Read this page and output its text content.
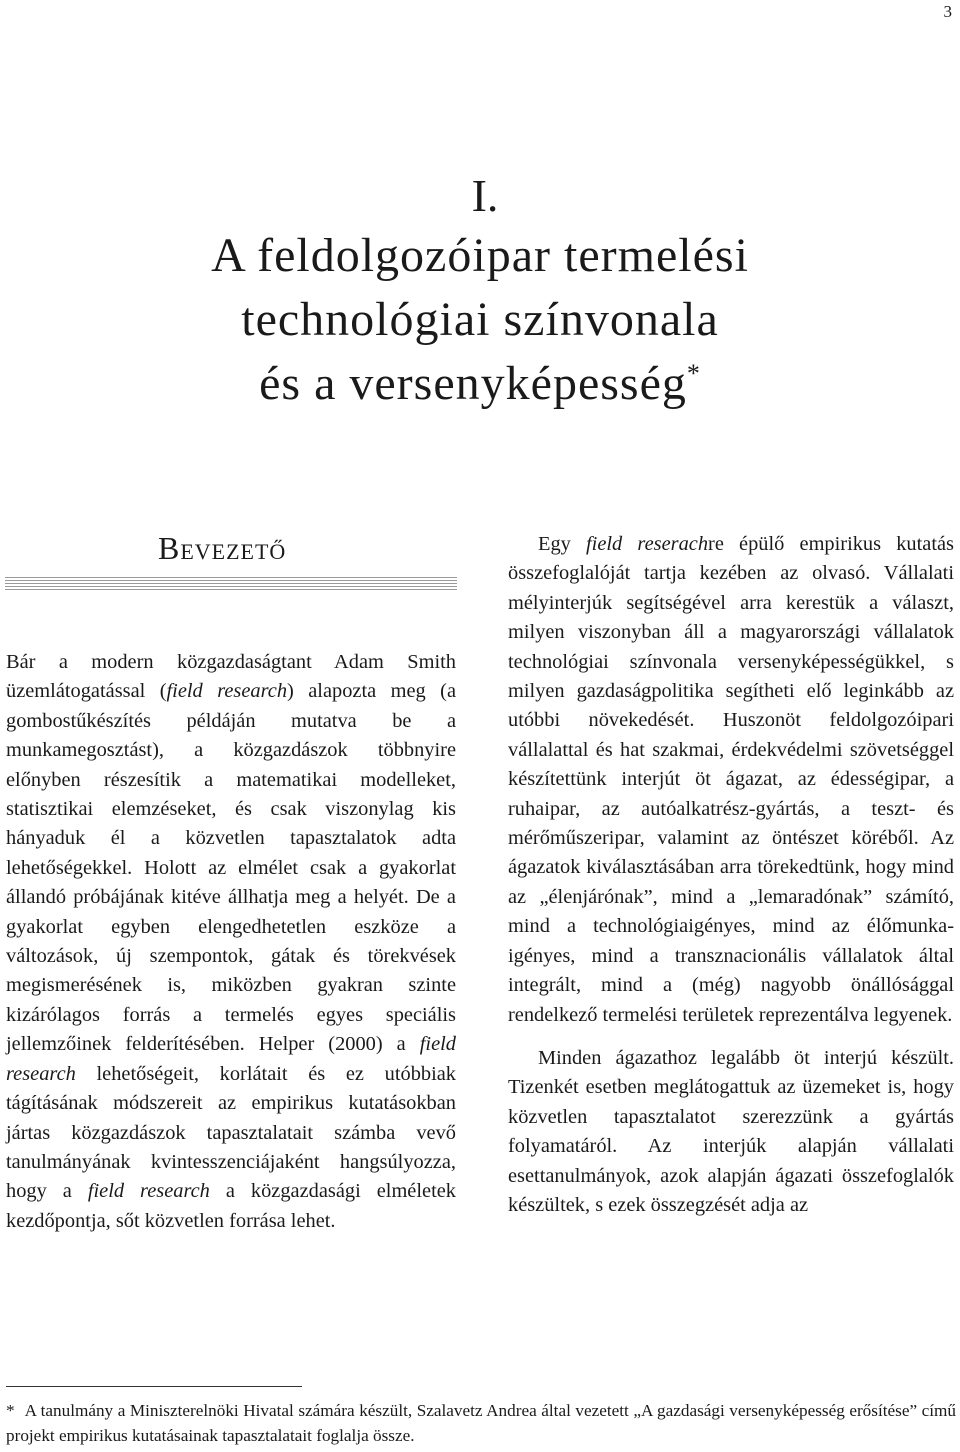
3
I.
A feldolgozóipar termelési
technológiai színvonala
és a versenyképesség*
Bevezető

Bár a modern közgazdaságtant Adam Smith üzemlátogatással (field research) alapozta meg (a gombostűkészítés példáján mutatva be a munkamegosztást), a közgazdászok többnyire előnyben részesítik a matematikai modelleket, statisztikai elemzéseket, és csak viszonylag kis hányaduk él a közvetlen tapasztalatok adta lehetőségekkel. Holott az elmélet csak a gyakorlat állandó próbájának kitéve állhatja meg a helyét. De a gyakorlat egyben elengedhetetlen eszköze a változások, új szempontok, gátak és törekvések megismerésének is, miközben gyakran szinte kizárólagos forrás a termelés egyes speciális jellemzőinek felderítésében. Helper (2000) a field research lehetőségeit, korlátait és ez utóbbiak tágításának módszereit az empirikus kutatásokban jártas közgazdászok tapasztalatait számba vevő tanulmányának kvintesszenciájaként hangsúlyozza, hogy a field research a közgazdasági elméletek kezdőpontja, sőt közvetlen forrása lehet.

Egy field reserachre épülő empirikus kutatás összefoglalóját tartja kezében az olvasó. Vállalati mélyinterjúk segítségével arra kerestük a választ, milyen viszonyban áll a magyarországi vállalatok technológiai színvonala versenyképességükkel, s milyen gazdaságpolitika segítheti elő leginkább az utóbbi növekedését. Huszonöt feldolgozóipari vállalattal és hat szakmai, érdekvédelmi szövetséggel készítettünk interjút öt ágazat, az édességipar, a ruhaipar, az autóalkatrész-gyártás, a teszt- és mérőműszeripar, valamint az öntészet köréből. Az ágazatok kiválasztásában arra törekedtünk, hogy mind az „élenjárónak”, mind a „lemaradónak” számító, mind a technológiaigényes, mind az élőmunka-igényes, mind a transznacionális vállalatok által integrált, mind a (még) nagyobb önállósággal rendelkező termelési területek reprezentálva legyenek.

Minden ágazathoz legalább öt interjú készült. Tizenkét esetben meglátogattuk az üzemeket is, hogy közvetlen tapasztalatot szerezzünk a gyártás folyamatáról. Az interjúk alapján vállalati esettanulmányok, azok alapján ágazati összefoglalók készültek, s ezek összegzését adja az

* A tanulmány a Miniszterelnöki Hivatal számára készült, Szalavetz Andrea által vezetett „A gazdasági versenyképesség erősítése” című projekt empirikus kutatásainak tapasztalatait foglalja össze.
